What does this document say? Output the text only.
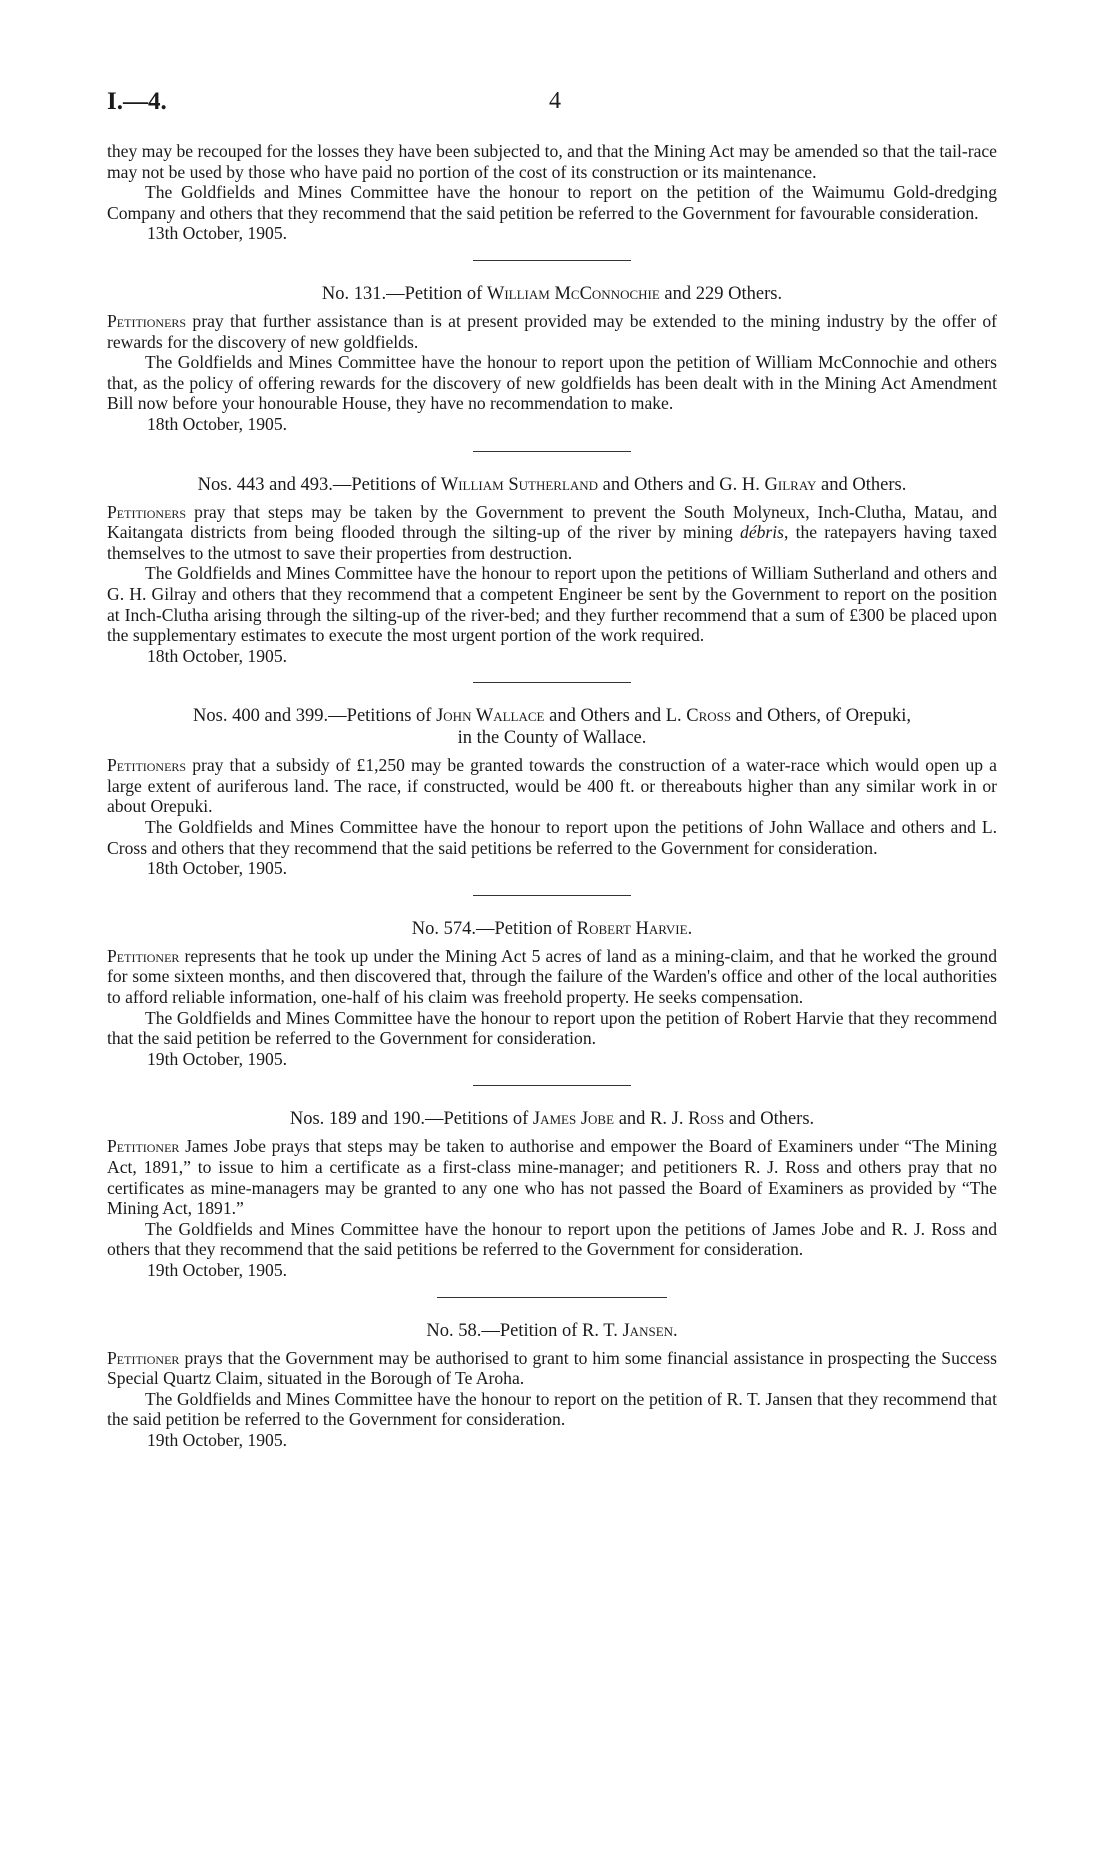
I.—4.	4

they may be recouped for the losses they have been subjected to, and that the Mining Act may be amended so that the tail-race may not be used by those who have paid no portion of the cost of its construction or its maintenance.

The Goldfields and Mines Committee have the honour to report on the petition of the Waimumu Gold-dredging Company and others that they recommend that the said petition be referred to the Government for favourable consideration.

13th October, 1905.

No. 131.—Petition of William McConnochie and 229 Others.

Petitioners pray that further assistance than is at present provided may be extended to the mining industry by the offer of rewards for the discovery of new goldfields.

The Goldfields and Mines Committee have the honour to report upon the petition of William McConnochie and others that, as the policy of offering rewards for the discovery of new goldfields has been dealt with in the Mining Act Amendment Bill now before your honourable House, they have no recommendation to make.

18th October, 1905.

Nos. 443 and 493.—Petitions of William Sutherland and Others and G. H. Gilray and Others.

Petitioners pray that steps may be taken by the Government to prevent the South Molyneux, Inch-Clutha, Matau, and Kaitangata districts from being flooded through the silting-up of the river by mining débris, the ratepayers having taxed themselves to the utmost to save their properties from destruction.

The Goldfields and Mines Committee have the honour to report upon the petitions of William Sutherland and others and G. H. Gilray and others that they recommend that a competent Engineer be sent by the Government to report on the position at Inch-Clutha arising through the silting-up of the river-bed; and they further recommend that a sum of £300 be placed upon the supplementary estimates to execute the most urgent portion of the work required.

18th October, 1905.

Nos. 400 and 399.—Petitions of John Wallace and Others and L. Cross and Others, of Orepuki,
in the County of Wallace.

Petitioners pray that a subsidy of £1,250 may be granted towards the construction of a water-race which would open up a large extent of auriferous land. The race, if constructed, would be 400 ft. or thereabouts higher than any similar work in or about Orepuki.

The Goldfields and Mines Committee have the honour to report upon the petitions of John Wallace and others and L. Cross and others that they recommend that the said petitions be referred to the Government for consideration.

18th October, 1905.

No. 574.—Petition of Robert Harvie.

Petitioner represents that he took up under the Mining Act 5 acres of land as a mining-claim, and that he worked the ground for some sixteen months, and then discovered that, through the failure of the Warden's office and other of the local authorities to afford reliable information, one-half of his claim was freehold property. He seeks compensation.

The Goldfields and Mines Committee have the honour to report upon the petition of Robert Harvie that they recommend that the said petition be referred to the Government for consideration.

19th October, 1905.

Nos. 189 and 190.—Petitions of James Jobe and R. J. Ross and Others.

Petitioner James Jobe prays that steps may be taken to authorise and empower the Board of Examiners under “The Mining Act, 1891,” to issue to him a certificate as a first-class mine-manager; and petitioners R. J. Ross and others pray that no certificates as mine-managers may be granted to any one who has not passed the Board of Examiners as provided by “The Mining Act, 1891.”

The Goldfields and Mines Committee have the honour to report upon the petitions of James Jobe and R. J. Ross and others that they recommend that the said petitions be referred to the Government for consideration.

19th October, 1905.

No. 58.—Petition of R. T. Jansen.

Petitioner prays that the Government may be authorised to grant to him some financial assistance in prospecting the Success Special Quartz Claim, situated in the Borough of Te Aroha.

The Goldfields and Mines Committee have the honour to report on the petition of R. T. Jansen that they recommend that the said petition be referred to the Government for consideration.

19th October, 1905.
